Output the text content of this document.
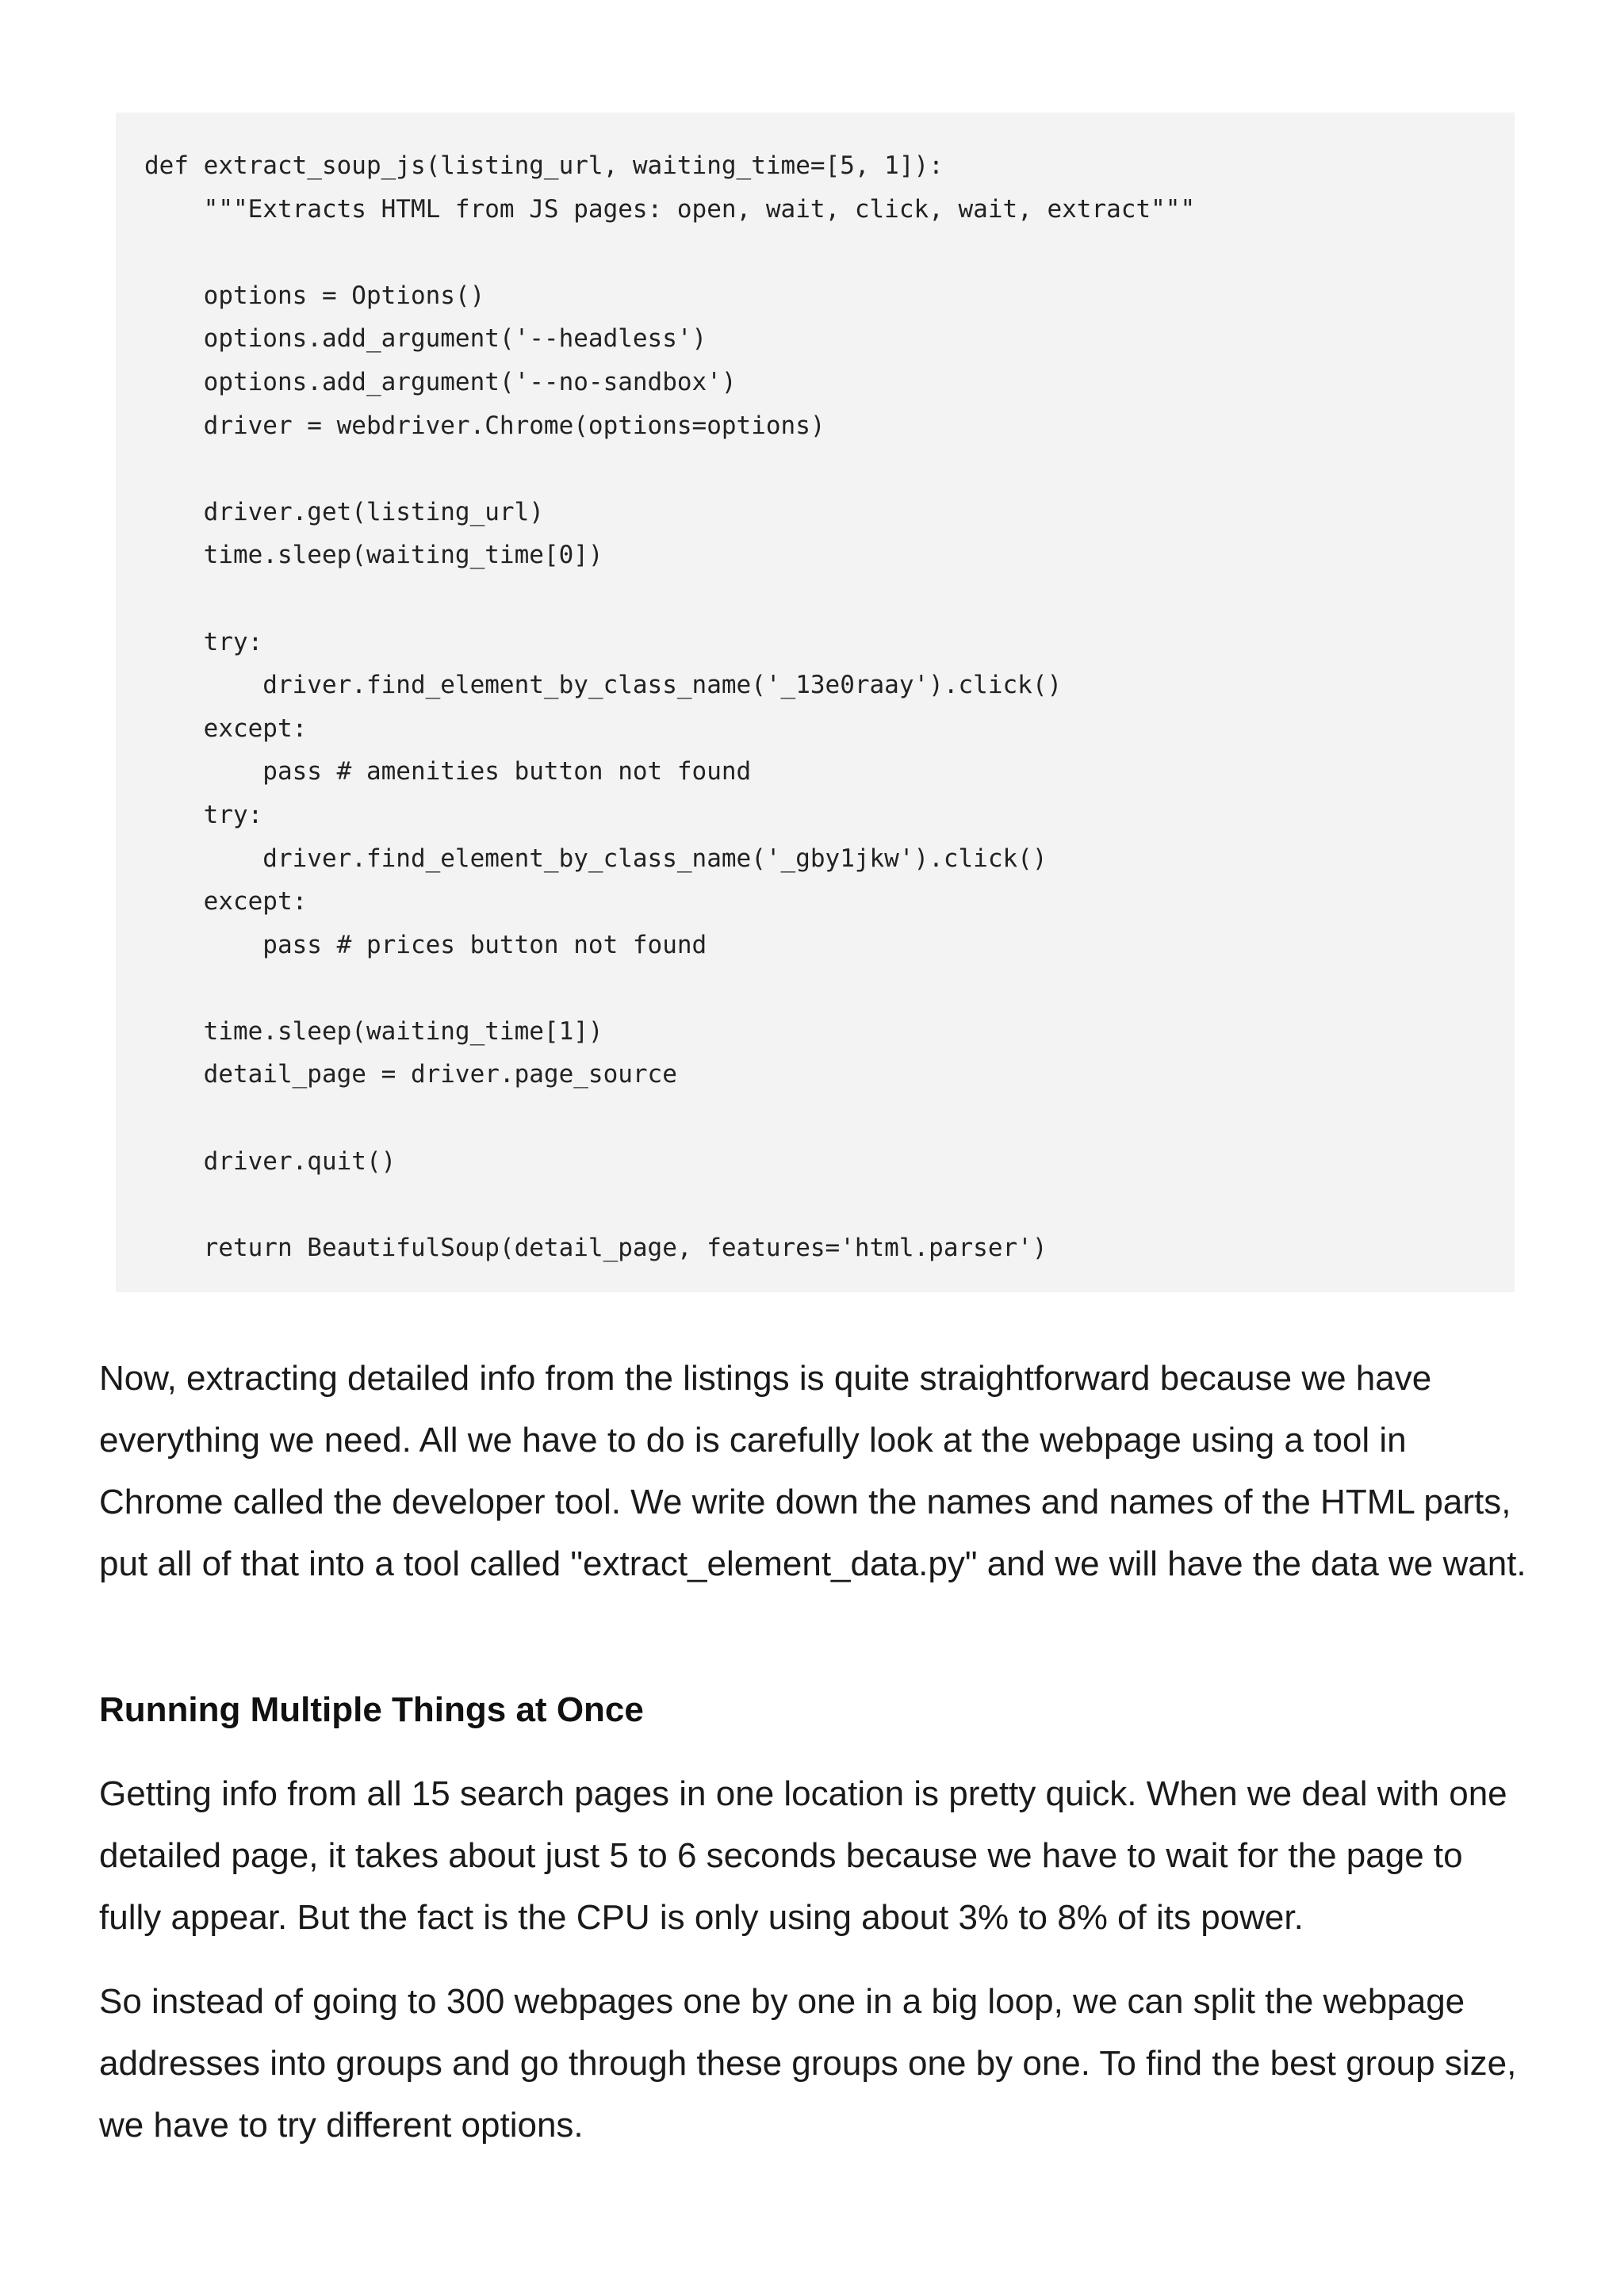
def extract_soup_js(listing_url, waiting_time=[5, 1]):
"""Extracts HTML from JS pages: open, wait, click, wait, extract"""
options = Options()
options.add_argument('--headless')
options.add_argument('--no-sandbox')
driver = webdriver.Chrome(options=options)
driver.get(listing_url)
time.sleep(waiting_time[0])
try:
driver.find_element_by_class_name('_13e0raay').click()
except:
pass # amenities button not found
try:
driver.find_element_by_class_name('_gby1jkw').click()
except:
pass # prices button not found
time.sleep(waiting_time[1])
detail_page = driver.page_source
driver.quit()
return BeautifulSoup(detail_page, features='html.parser')

Now, extracting detailed info from the listings is quite straightforward because we have everything we need. All we have to do is carefully look at the webpage using a tool in Chrome called the developer tool. We write down the names and names of the HTML parts, put all of that into a tool called "extract_element_data.py" and we will have the data we want.

Running Multiple Things at Once

Getting info from all 15 search pages in one location is pretty quick. When we deal with one detailed page, it takes about just 5 to 6 seconds because we have to wait for the page to fully appear. But the fact is the CPU is only using about 3% to 8% of its power.

So instead of going to 300 webpages one by one in a big loop, we can split the webpage addresses into groups and go through these groups one by one. To find the best group size, we have to try different options.
